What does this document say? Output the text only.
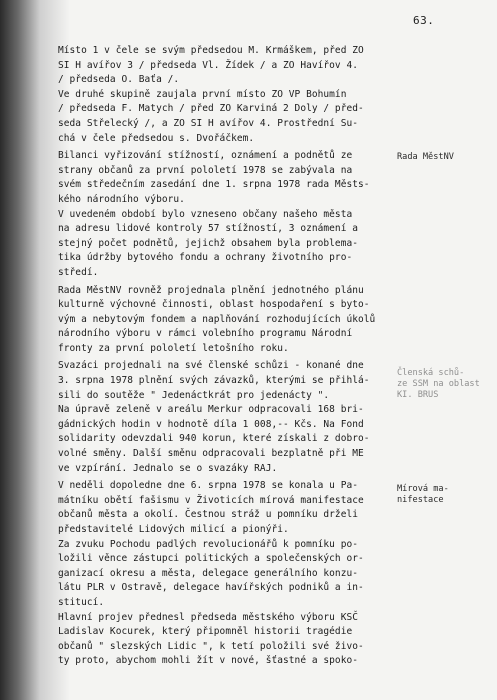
63.
Místo 1 v čele se svým předsedou M. Krmáškem, před ZO
SI H avířov 3 / předseda Vl. Žídek / a ZO Havířov 4.
/ předseda O. Baťa /.
Ve druhé skupině zaujala první místo ZO VP Bohumín
/ předseda F. Matych / před ZO Karviná 2 Doly / před-
seda Střelecký /, a ZO SI H avířov 4. Prostřední Su-
chá v čele předsedou s. Dvořáčkem.
Bilanci vyřizování stížností, oznámení a podnětů ze
strany občanů za první pololetí 1978 se zabývala na
svém středečním zasedání dne 1. srpna 1978 rada Městs-
kého národního výboru.
V uvedeném období bylo vzneseno občany našeho města
na adresu lidové kontroly 57 stížností, 3 oznámení a
stejný počet podnětů, jejichž obsahem byla problema-
tika údržby bytového fondu a ochrany životního pro-
středí.
Rada MěstNV rovněž projednala plnění jednotného plánu
kulturně výchovné činnosti, oblast hospodaření s byto-
vým a nebytovým fondem a naplňování rozhodujících úkolů
národního výboru v rámci volebního programu Národní
fronty za první pololetí letošního roku.
Svazáci projednali na své členské schůzi - konané dne
3. srpna 1978 plnění svých závazků, kterými se přihlá-
sili do soutěže " Jedenáctkrát pro jedenácty ".
Na úpravě zeleně v areálu Merkur odpracovali 168 bri-
gádnických hodin v hodnotě díla 1 008,-- Kčs. Na Fond
solidarity odevzdali 940 korun, které získali z dobro-
volné směny. Další směnu odpracovali bezplatně při ME
ve vzpírání. Jednalo se o svazáky RAJ.
V neděli dopoledne dne 6. srpna 1978 se konala u Pa-
mátníku obětí fašismu v Životicích mírová manifestace
občanů města a okolí. Čestnou stráž u pomníku drželi
představitelé Lidových milicí a pionýři.
Za zvuku Pochodu padlých revolucionářů k pomníku po-
ložili věnce zástupci politických a společenských or-
ganizací okresu a města, delegace generálního konzu-
látu PLR v Ostravě, delegace havířských podniků a in-
stitucí.
Hlavní projev přednesl předseda městského výboru KSČ
Ladislav Kocurek, který připomněl historii tragédie
občanů " slezských Lidic ", k tetí položili své živo-
ty proto, abychom mohli žít v nové, šťastné a spoko-
Rada MěstNV
Členská schů-
ze SSM na oblast
KI. BRUS
Mírová ma-
nifestace
